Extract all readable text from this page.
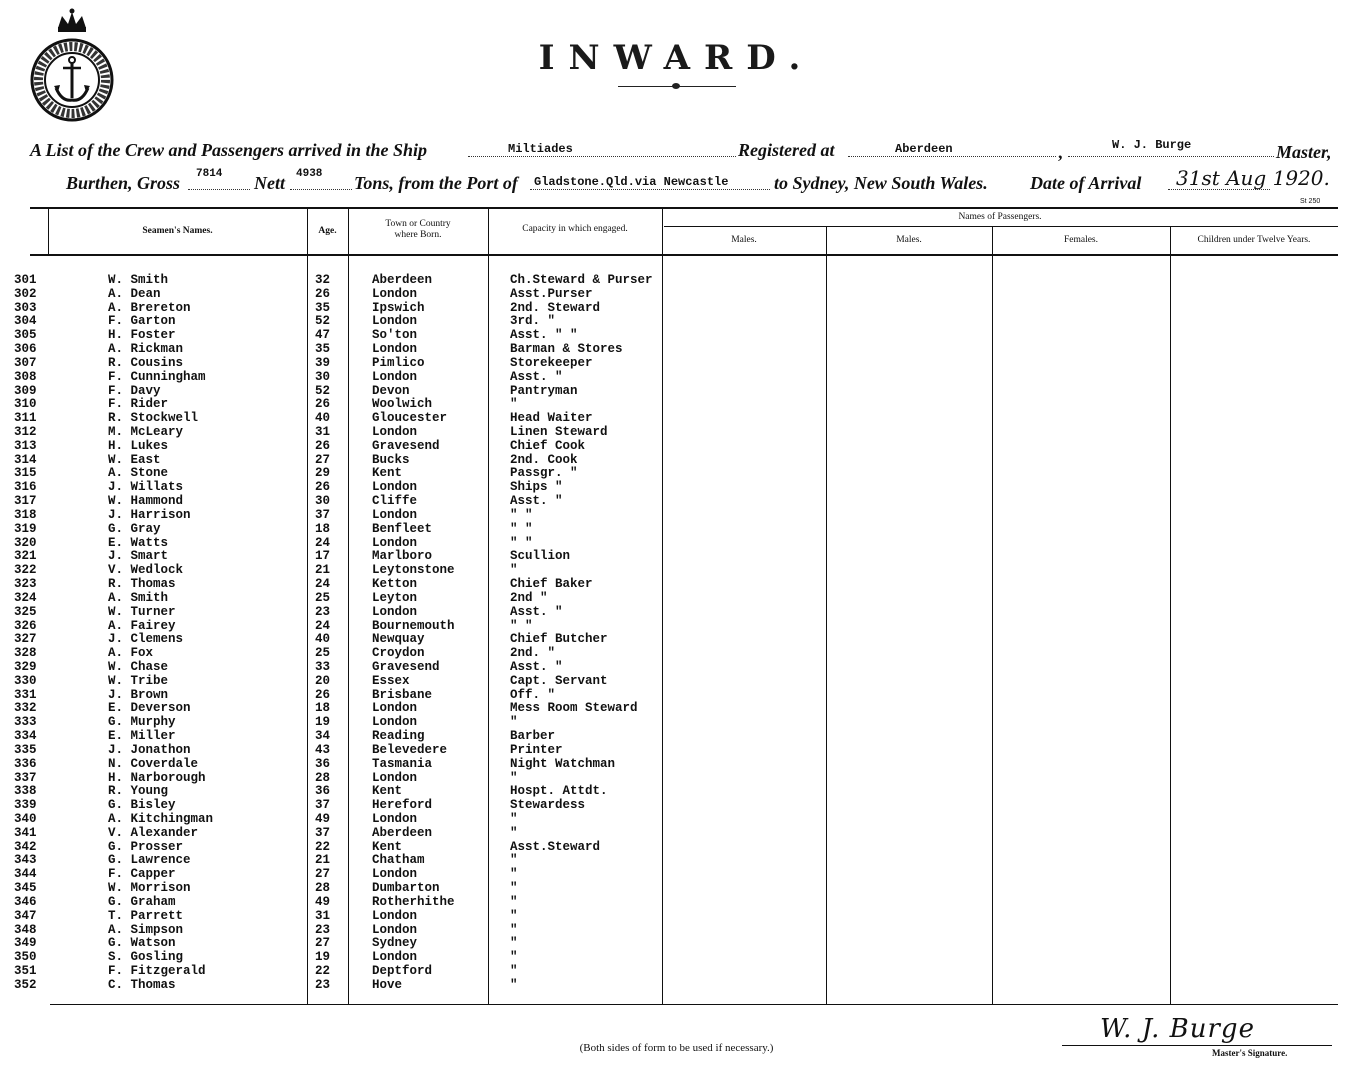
INWARD.
A List of the Crew and Passengers arrived in the Ship	Miltiades	Registered at	Aberdeen	,	W. J. Burge	Master,
Burthen, Gross 7814 Nett 4938 Tons, from the Port of Gladstone.Qld.via Newcastle	to Sydney, New South Wales. Date of Arrival 31st Aug 1920.
St 250
Seamen's Names.	Age.
Town or Country
where Born.
Capacity in which engaged.
Names of Passengers.
Males.	Males.	Females.	Children under Twelve Years.
301	W. Smith	32	Aberdeen	Ch.Steward & Purser
302	A. Dean	26	London	Asst.Purser
303	A. Brereton	35	Ipswich	2nd. Steward
304	F. Garton	52	London	3rd. "
305	H. Foster	47	So'ton	Asst. " "
306	A. Rickman	35	London	Barman & Stores
307	R. Cousins	39	Pimlico	Storekeeper
308	F. Cunningham	30	London	Asst. "
309	F. Davy	52	Devon	Pantryman
310	F. Rider	26	Woolwich	"
311	R. Stockwell	40	Gloucester	Head Waiter
312	M. McLeary	31	London	Linen Steward
313	H. Lukes	26	Gravesend	Chief Cook
314	W. East	27	Bucks	2nd. Cook
315	A. Stone	29	Kent	Passgr. "
316	J. Willats	26	London	Ships "
317	W. Hammond	30	Cliffe	Asst. "
318	J. Harrison	37	London	" "
319	G. Gray	18	Benfleet	" "
320	E. Watts	24	London	" "
321	J. Smart	17	Marlboro	Scullion
322	V. Wedlock	21	Leytonstone	"
323	R. Thomas	24	Ketton	Chief Baker
324	A. Smith	25	Leyton	2nd "
325	W. Turner	23	London	Asst. "
326	A. Fairey	24	Bournemouth	" "
327	J. Clemens	40	Newquay	Chief Butcher
328	A. Fox	25	Croydon	2nd. "
329	W. Chase	33	Gravesend	Asst. "
330	W. Tribe	20	Essex	Capt. Servant
331	J. Brown	26	Brisbane	Off. "
332	E. Deverson	18	London	Mess Room Steward
333	G. Murphy	19	London	"
334	E. Miller	34	Reading	Barber
335	J. Jonathon	43	Belevedere	Printer
336	N. Coverdale	36	Tasmania	Night Watchman
337	H. Narborough	28	London	"
338	R. Young	36	Kent	Hospt. Attdt.
339	G. Bisley	37	Hereford	Stewardess
340	A. Kitchingman	49	London	"
341	V. Alexander	37	Aberdeen	"
342	G. Prosser	22	Kent	Asst.Steward
343	G. Lawrence	21	Chatham	"
344	F. Capper	27	London	"
345	W. Morrison	28	Dumbarton	"
346	G. Graham	49	Rotherhithe	"
347	T. Parrett	31	London	"
348	A. Simpson	23	London	"
349	G. Watson	27	Sydney	"
350	S. Gosling	19	London	"
351	F. Fitzgerald	22	Deptford	"
352	C. Thomas	23	Hove	"
(Both sides of form to be used if necessary.)
W. J. Burge
Master's Signature.
